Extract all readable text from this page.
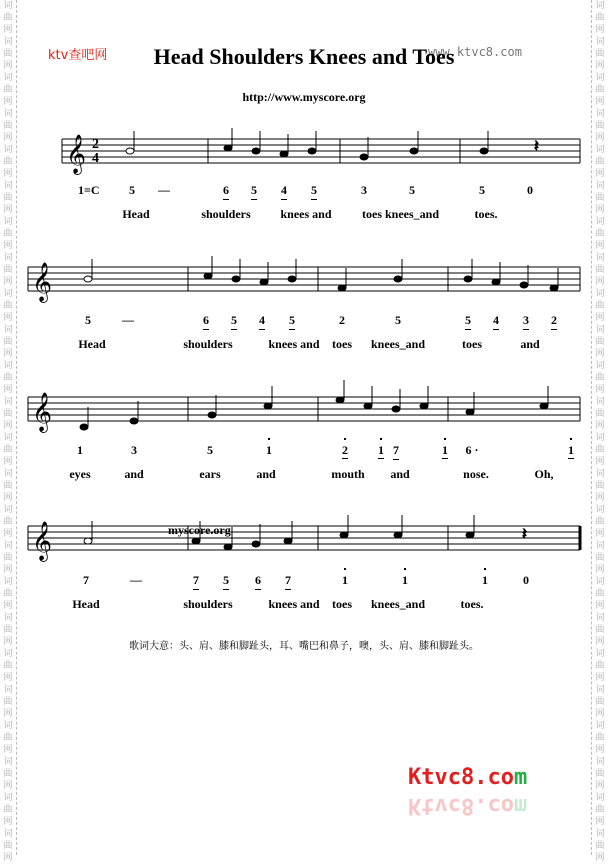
词
曲
网
词
曲
网
词
曲
网
词
曲
网
词
曲
网
词
曲
网
词
曲
网
词
曲
网
词
曲
网
词
曲
网
词
曲
网
词
曲
网
词
曲
网
词
曲
网
词
曲
网
词
曲
网
词
曲
网
词
曲
网
词
曲
网
词
曲
网
词
曲
网
词
曲
网
词
曲
网
词
曲
网
词
曲
网
词
曲
网
词
曲
网
词
曲
网
词
曲
网
词
曲
网
词
曲
网
词
曲
网
词
曲
网
词
曲
网
词
曲
网
词
曲
网
词
曲
网
词
曲
网
词
曲
网
词
曲
网
词
曲
网
词
曲
网
词
曲
网
词
曲
网
词
曲
网
词
曲
网
词
曲
网
词
曲
网
ktv查吧网	www.ktvc8.com
Head Shoulders Knees and Toes
http://www.myscore.org
𝄞
𝄞
𝄞
𝄞
𝄽
𝄽
2
4
5 —	6 5 4 5	3	5	5	0
Head	shoulders knees and	toes knees_and	toes.
5	—	6 5 4 5	2	5	5 4 3 2
Head	shoulders	knees and toes knees_and	toes	and
1	3	5	1	2	1 7	1 6 ·	1
eyes	and	ears	and	mouth and	nose.	Oh,
7	—	7 5 6 7	1	1	1	0
Head	shoulders	knees and toes knees_and	toes.
1=C
myscore.org
歌词大意：头、肩、膝和脚趾头，耳、嘴巴和鼻子，噢，头、肩、膝和脚趾头。
Ktvc8.com
Ktvc8.com
